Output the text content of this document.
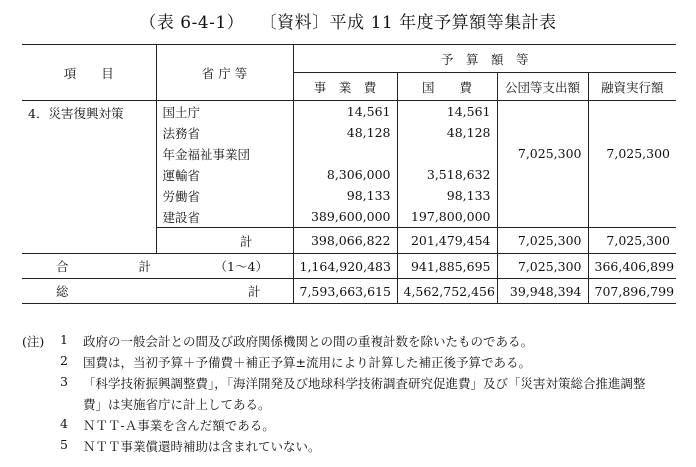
（表 6-4-1） 〔資料〕平成 11 年度予算額等集計表
項　　目	省 庁 等	予　算　額　等			
		事　業　費	国　　費	公団等支出額	融資実行額
4．災害復興対策	国土庁	14,561	14,561		
	法務省	48,128	48,128		
	年金福祉事業団			7,025,300	7,025,300
	運輸省	8,306,000	3,518,632		
	労働省	98,133	98,133		
	建設省	389,600,000	197,800,000		
	計	398,066,822	201,479,454	7,025,300	7,025,300
合 計	（1～4）	1,164,920,483	941,885,695	7,025,300	366,406,899
総	計	7,593,663,615	4,562,752,456	39,948,394	707,896,799
(注) 1 政府の一般会計との間及び政府関係機関との間の重複計数を除いたものである。
2 国費は，当初予算＋予備費＋補正予算±流用により計算した補正後予算である。
3 「科学技術振興調整費」，「海洋開発及び地球科学技術調査研究促進費」及び「災害対策総合推進調整
費」は実施省庁に計上してある。
4 ＮＴＴ-Ａ事業を含んだ額である。
5 ＮＴＴ事業償還時補助は含まれていない。
